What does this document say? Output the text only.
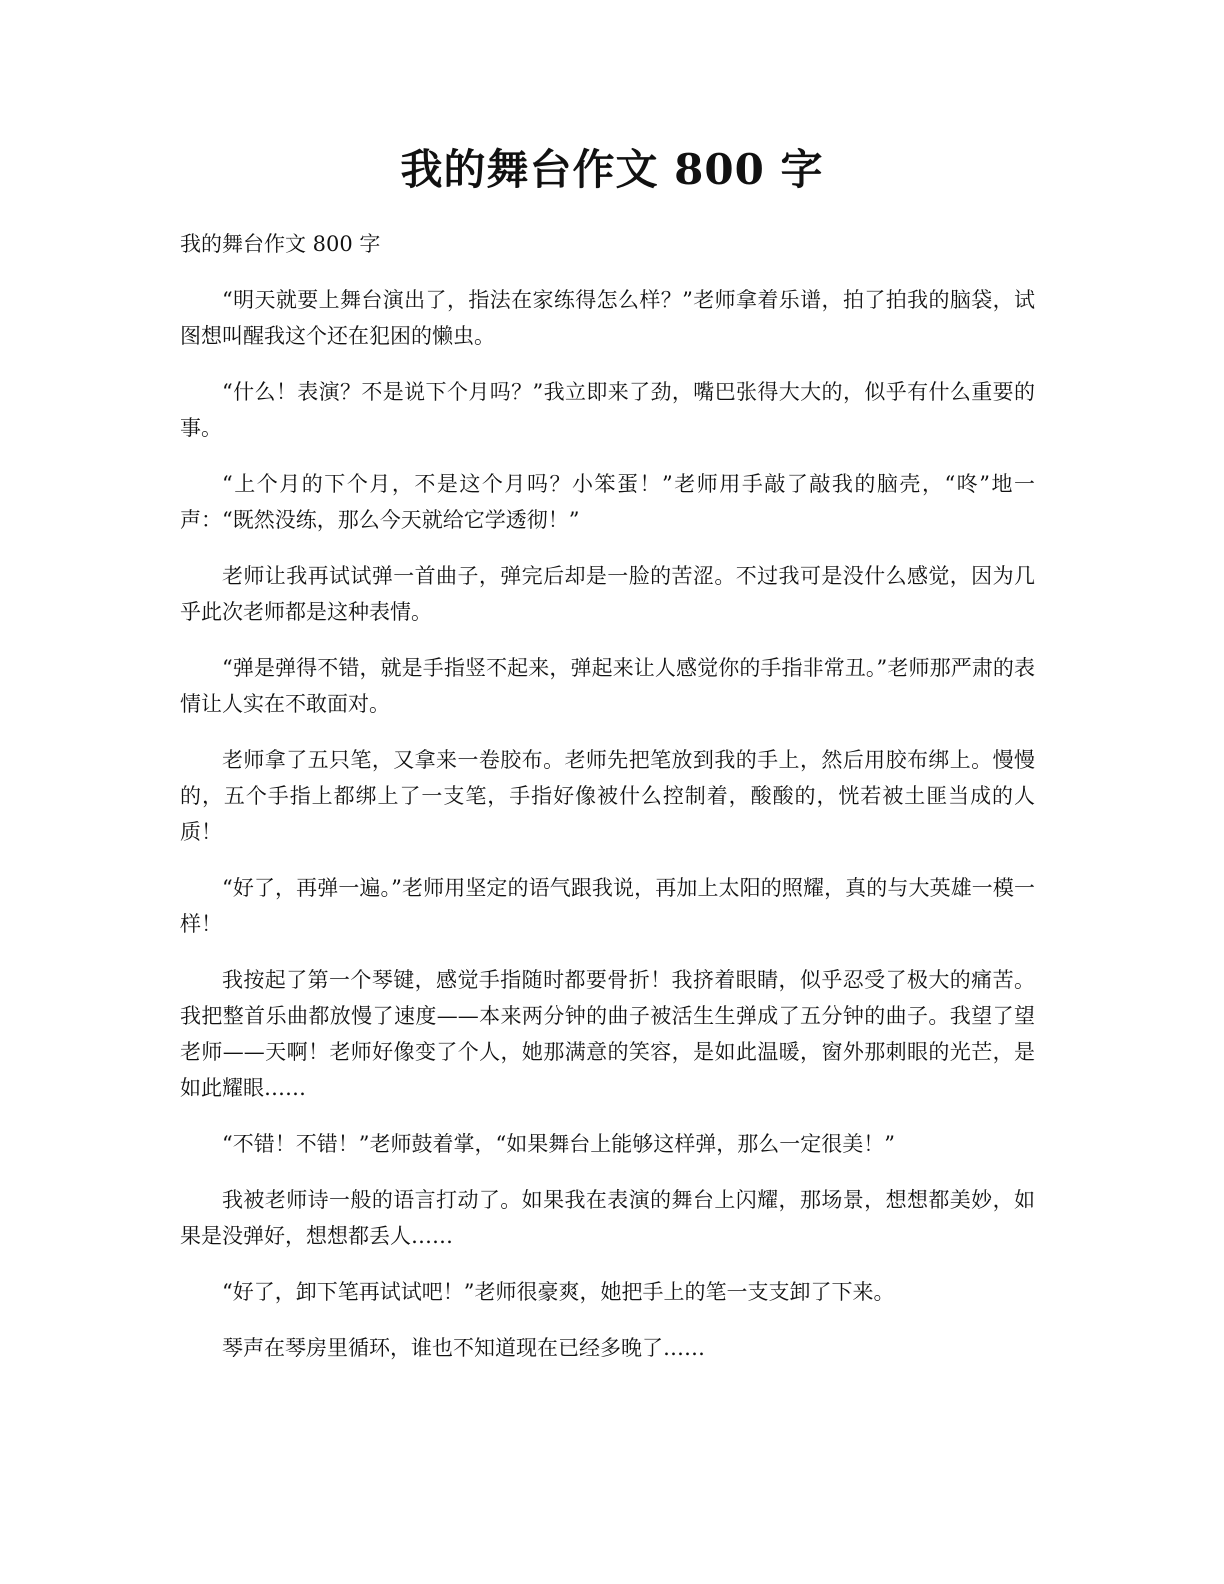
我的舞台作文 800 字

我的舞台作文 800 字

“明天就要上舞台演出了，指法在家练得怎么样？”老师拿着乐谱，拍了拍我的脑袋，试图想叫醒我这个还在犯困的懒虫。

“什么！表演？不是说下个月吗？”我立即来了劲，嘴巴张得大大的，似乎有什么重要的事。

“上个月的下个月，不是这个月吗？小笨蛋！”老师用手敲了敲我的脑壳，“咚”地一声：“既然没练，那么今天就给它学透彻！”

老师让我再试试弹一首曲子，弹完后却是一脸的苦涩。不过我可是没什么感觉，因为几乎此次老师都是这种表情。

“弹是弹得不错，就是手指竖不起来，弹起来让人感觉你的手指非常丑。”老师那严肃的表情让人实在不敢面对。

老师拿了五只笔，又拿来一卷胶布。老师先把笔放到我的手上，然后用胶布绑上。慢慢的，五个手指上都绑上了一支笔，手指好像被什么控制着，酸酸的，恍若被土匪当成的人质！

“好了，再弹一遍。”老师用坚定的语气跟我说，再加上太阳的照耀，真的与大英雄一模一样！

我按起了第一个琴键，感觉手指随时都要骨折！我挤着眼睛，似乎忍受了极大的痛苦。我把整首乐曲都放慢了速度——本来两分钟的曲子被活生生弹成了五分钟的曲子。我望了望老师——天啊！老师好像变了个人，她那满意的笑容，是如此温暖，窗外那刺眼的光芒，是如此耀眼……

“不错！不错！”老师鼓着掌，“如果舞台上能够这样弹，那么一定很美！”

我被老师诗一般的语言打动了。如果我在表演的舞台上闪耀，那场景，想想都美妙，如果是没弹好，想想都丢人……

“好了，卸下笔再试试吧！”老师很豪爽，她把手上的笔一支支卸了下来。

琴声在琴房里循环，谁也不知道现在已经多晚了……
